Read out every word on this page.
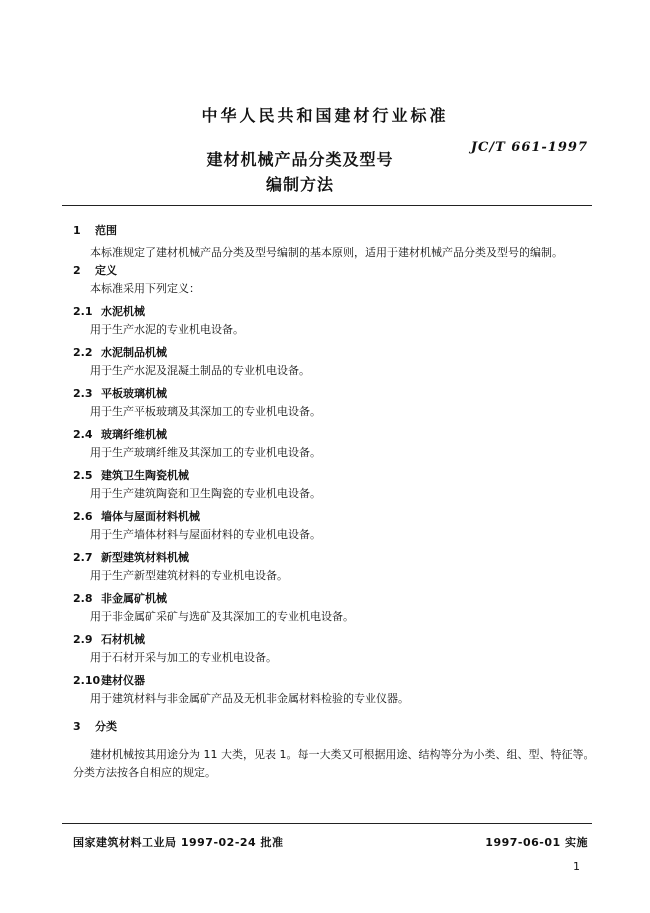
中华人民共和国建材行业标准
JC/T 661-1997
建材机械产品分类及型号
编制方法
1 范围
本标准规定了建材机械产品分类及型号编制的基本原则，适用于建材机械产品分类及型号的编制。
2 定义
本标准采用下列定义：
2.1 水泥机械
用于生产水泥的专业机电设备。
2.2 水泥制品机械
用于生产水泥及混凝土制品的专业机电设备。
2.3 平板玻璃机械
用于生产平板玻璃及其深加工的专业机电设备。
2.4 玻璃纤维机械
用于生产玻璃纤维及其深加工的专业机电设备。
2.5 建筑卫生陶瓷机械
用于生产建筑陶瓷和卫生陶瓷的专业机电设备。
2.6 墙体与屋面材料机械
用于生产墙体材料与屋面材料的专业机电设备。
2.7 新型建筑材料机械
用于生产新型建筑材料的专业机电设备。
2.8 非金属矿机械
用于非金属矿采矿与选矿及其深加工的专业机电设备。
2.9 石材机械
用于石材开采与加工的专业机电设备。
2.10建材仪器
用于建筑材料与非金属矿产品及无机非金属材料检验的专业仪器。
3 分类
建材机械按其用途分为 11 大类，见表 1。每一大类又可根据用途、结构等分为小类、组、型、特征等。
分类方法按各自相应的规定。
国家建筑材料工业局 1997-02-24 批准	1997-06-01 实施
1
